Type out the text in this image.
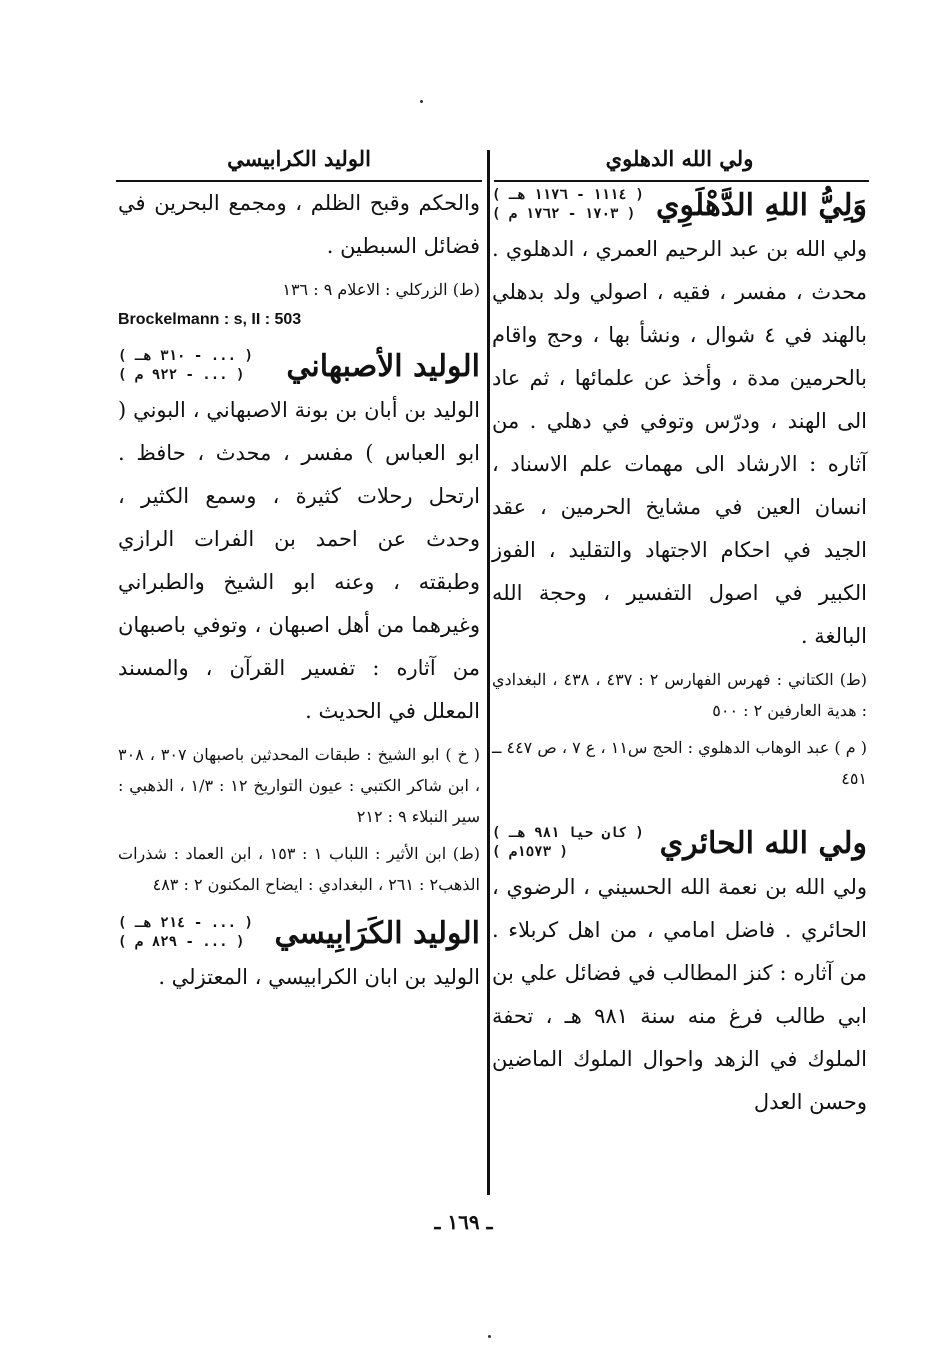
ولي الله الدهلوي
وَلِيُّ اللهِ الدَّهْلَوِي
( ١١١٤ - ١١٧٦ هـ )
( ١٧٠٣ - ١٧٦٢ م )
ولي الله بن عبد الرحيم العمري ، الدهلوي . محدث ، مفسر ، فقيه ، اصولي ولد بدهلي بالهند في ٤ شوال ، ونشأ بها ، وحج واقام بالحرمين مدة ، وأخذ عن علمائها ، ثم عاد الى الهند ، ودرّس وتوفي في دهلي . من آثاره : الارشاد الى مهمات علم الاسناد ، انسان العين في مشايخ الحرمين ، عقد الجيد في احكام الاجتهاد والتقليد ، الفوز الكبير في اصول التفسير ، وحجة الله البالغة .
(ط) الكتاني : فهرس الفهارس ٢ : ٤٣٧ ، ٤٣٨ ، البغدادي : هدية العارفين ٢ : ٥٠٠
( م ) عبد الوهاب الدهلوي : الحج س١١ ، ع ٧ ، ص ٤٤٧ ــ ٤٥١
ولي الله الحائري
( كان حيا ٩٨١ هـ )
( ١٥٧٣م )
ولي الله بن نعمة الله الحسيني ، الرضوي ، الحائري . فاضل امامي ، من اهل كربلاء . من آثاره : كنز المطالب في فضائل علي بن ابي طالب فرغ منه سنة ٩٨١ هـ ، تحفة الملوك في الزهد واحوال الملوك الماضين وحسن العدل
الوليد الكرابيسي
والحكم وقبح الظلم ، ومجمع البحرين في فضائل السبطين .
(ط) الزركلي : الاعلام ٩ : ١٣٦
Brockelmann : s, II : 503
الوليد الأصبهاني
( ... - ٣١٠ هـ )
( ... - ٩٢٢ م )
الوليد بن أبان بن بونة الاصبهاني ، البوني ( ابو العباس ) مفسر ، محدث ، حافظ . ارتحل رحلات كثيرة ، وسمع الكثير ، وحدث عن احمد بن الفرات الرازي وطبقته ، وعنه ابو الشيخ والطبراني وغيرهما من أهل اصبهان ، وتوفي باصبهان من آثاره : تفسير القرآن ، والمسند المعلل في الحديث .
( خ ) ابو الشيخ : طبقات المحدثين باصبهان ٣٠٧ ، ٣٠٨ ، ابن شاكر الكتبي : عيون التواريخ ١٢ : ١/٣ ، الذهبي : سير النبلاء ٩ : ٢١٢
(ط) ابن الأثير : اللباب ١ : ١٥٣ ، ابن العماد : شذرات الذهب٢ : ٢٦١ ، البغدادي : ايضاح المكنون ٢ : ٤٨٣
الوليد الكَرَابِيسي
( ... - ٢١٤ هـ )
( ... - ٨٢٩ م )
الوليد بن ابان الكرابيسي ، المعتزلي .
ـ ١٦٩ ـ
